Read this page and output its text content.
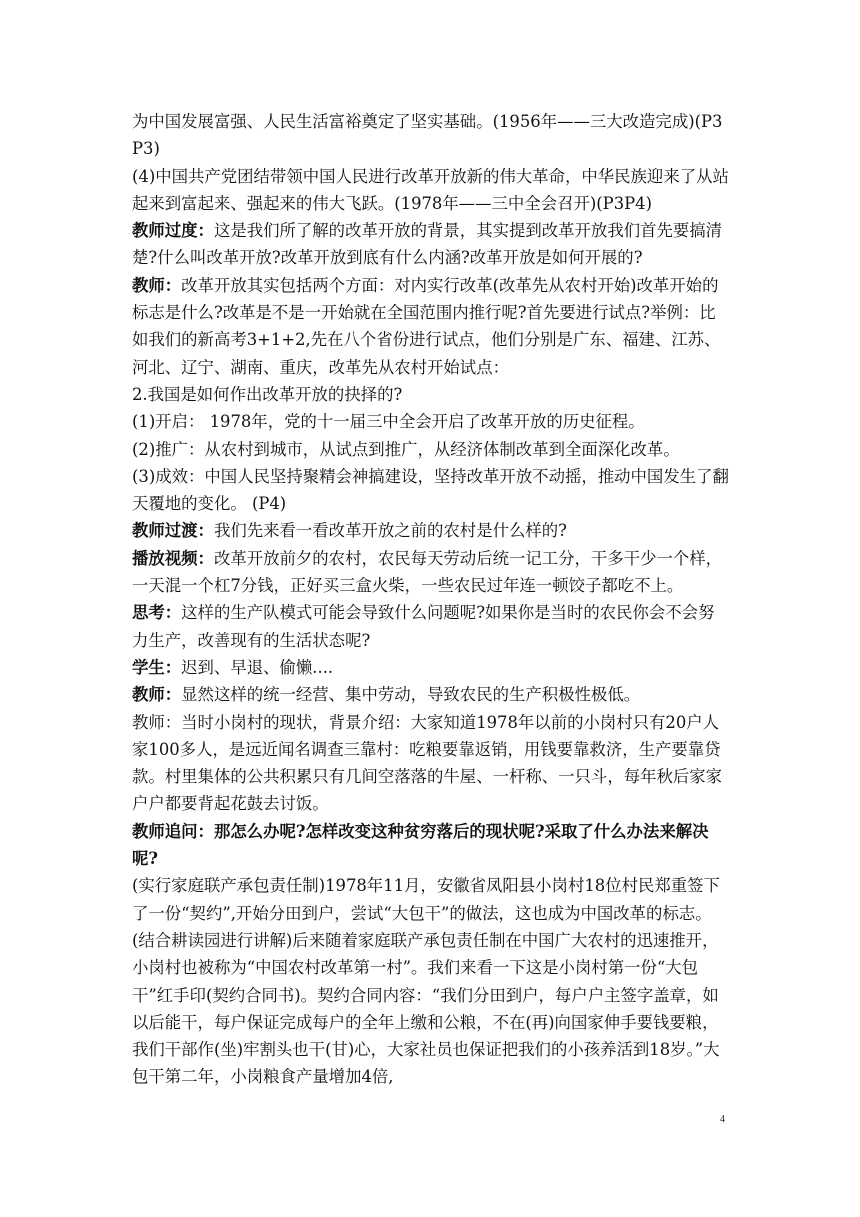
为中国发展富强、人民生活富裕奠定了坚实基础。(1956年——三大改造完成)(P3P3)

(4)中国共产党团结带领中国人民进行改革开放新的伟大革命，中华民族迎来了从站起来到富起来、强起来的伟大飞跃。(1978年——三中全会召开)(P3P4)

教师过度：这是我们所了解的改革开放的背景，其实提到改革开放我们首先要搞清楚?什么叫改革开放?改革开放到底有什么内涵?改革开放是如何开展的?

教师：改革开放其实包括两个方面：对内实行改革(改革先从农村开始)改革开始的标志是什么?改革是不是一开始就在全国范围内推行呢?首先要进行试点?举例：比如我们的新高考3+1+2,先在八个省份进行试点，他们分别是广东、福建、江苏、河北、辽宁、湖南、重庆，改革先从农村开始试点：

2.我国是如何作出改革开放的抉择的?

(1)开启： 1978年，党的十一届三中全会开启了改革开放的历史征程。

(2)推广：从农村到城市，从试点到推广，从经济体制改革到全面深化改革。

(3)成效：中国人民坚持聚精会神搞建设，坚持改革开放不动摇，推动中国发生了翻天覆地的变化。 (P4)

教师过渡：我们先来看一看改革开放之前的农村是什么样的?

播放视频：改革开放前夕的农村，农民每天劳动后统一记工分，干多干少一个样，一天混一个杠7分钱，正好买三盒火柴，一些农民过年连一顿饺子都吃不上。

思考：这样的生产队模式可能会导致什么问题呢?如果你是当时的农民你会不会努力生产，改善现有的生活状态呢?

学生：迟到、早退、偷懒....

教师：显然这样的统一经营、集中劳动，导致农民的生产积极性极低。

教师：当时小岗村的现状，背景介绍：大家知道1978年以前的小岗村只有20户人家100多人，是远近闻名调查三靠村：吃粮要靠返销，用钱要靠救济，生产要靠贷款。村里集体的公共积累只有几间空落落的牛屋、一杆称、一只斗，每年秋后家家户户都要背起花鼓去讨饭。

教师追问：那怎么办呢?怎样改变这种贫穷落后的现状呢?采取了什么办法来解决呢?

(实行家庭联产承包责任制)1978年11月，安徽省凤阳县小岗村18位村民郑重签下了一份“契约”,开始分田到户，尝试“大包干”的做法，这也成为中国改革的标志。(结合耕读园进行讲解)后来随着家庭联产承包责任制在中国广大农村的迅速推开，小岗村也被称为“中国农村改革第一村”。我们来看一下这是小岗村第一份“大包干”红手印(契约合同书)。契约合同内容：“我们分田到户，每户户主签字盖章，如以后能干，每户保证完成每户的全年上缴和公粮，不在(再)向国家伸手要钱要粮，我们干部作(坐)牢割头也干(甘)心，大家社员也保证把我们的小孩养活到18岁。”大包干第二年，小岗粮食产量增加4倍,

4
